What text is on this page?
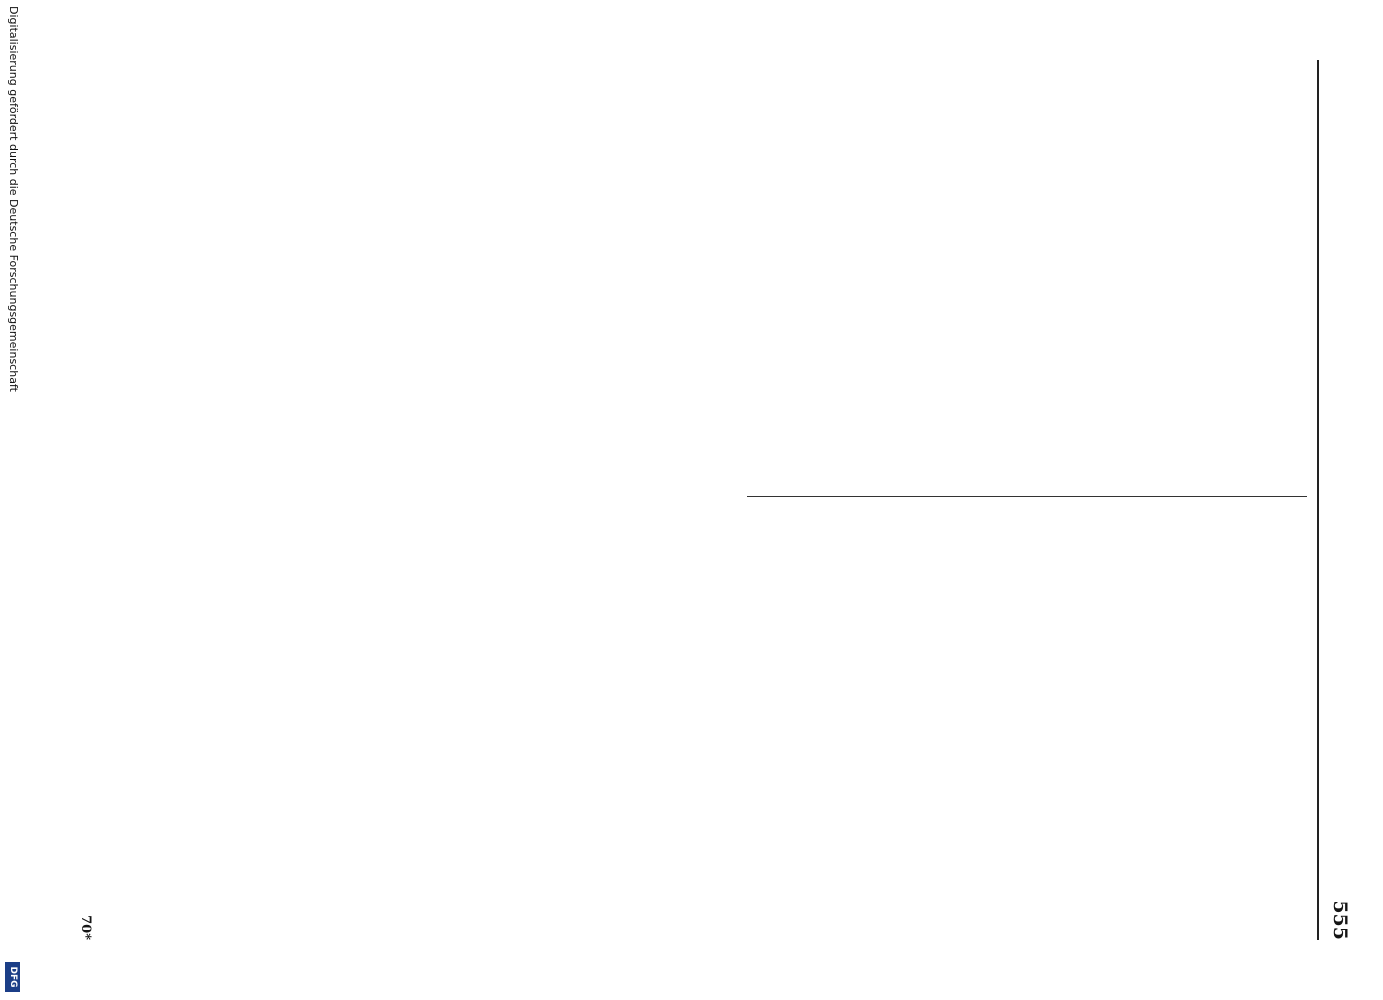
555
70*
Digitalisierung gefördert durch die Deutsche Forschungsgemeinschaft
DFG
